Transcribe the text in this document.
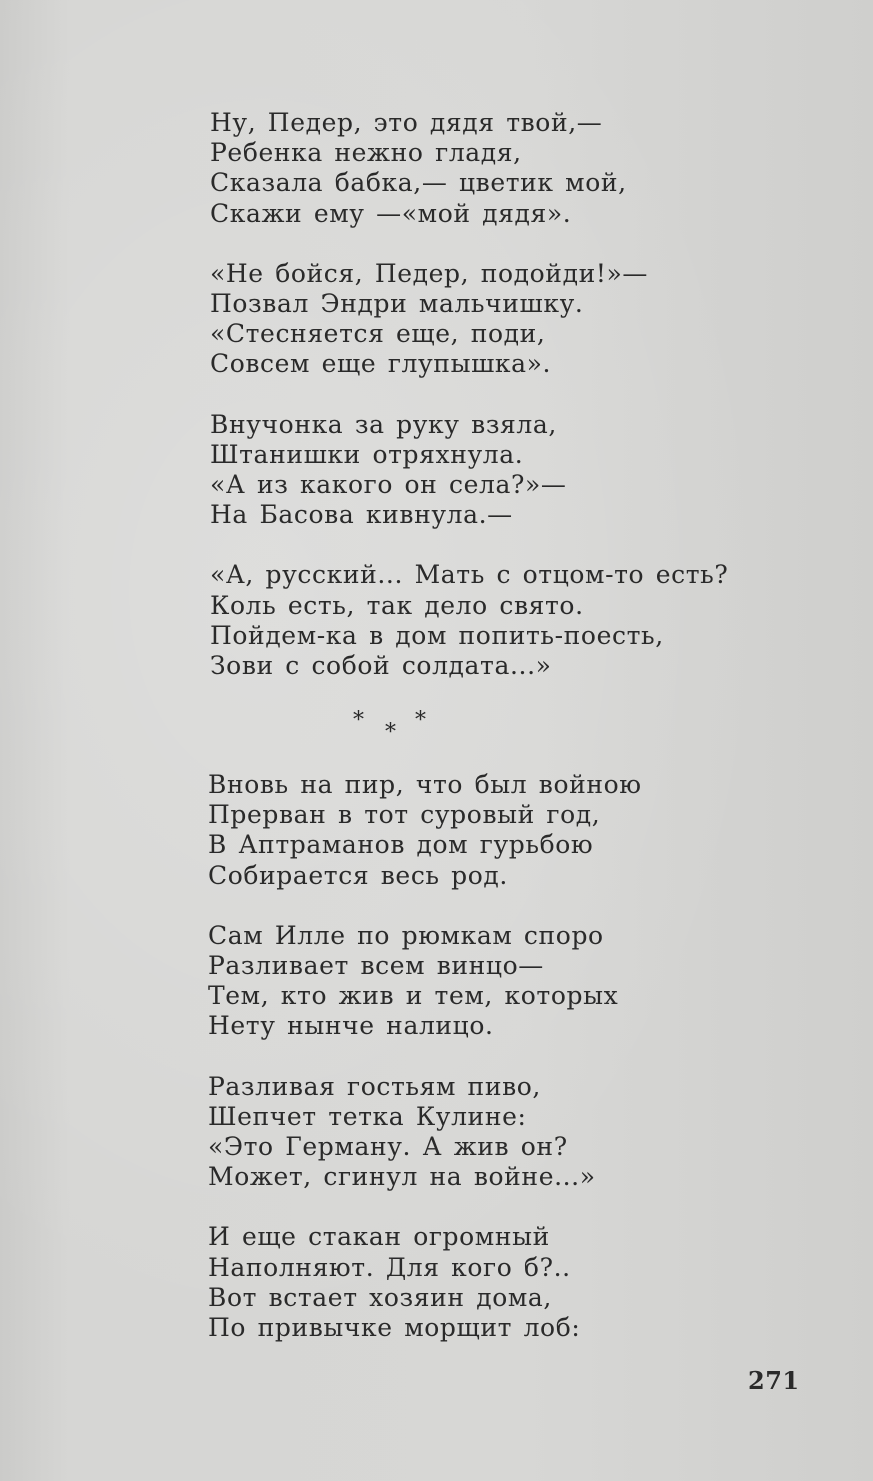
Ну, Педер, это дядя твой,—
Ребенка нежно гладя,
Сказала бабка,— цветик мой,
Скажи ему —«мой дядя».
«Не бойся, Педер, подойди!»—
Позвал Эндри мальчишку.
«Стесняется еще, поди,
Совсем еще глупышка».
Внучонка за руку взяла,
Штанишки отряхнула.
«А из какого он села?»—
На Басова кивнула.—
«А, русский... Мать с отцом-то есть?
Коль есть, так дело свято.
Пойдем-ка в дом попить-поесть,
Зови с собой солдата...»
* * *
Вновь на пир, что был войною
Прерван в тот суровый год,
В Аптраманов дом гурьбою
Собирается весь род.
Сам Илле по рюмкам споро
Разливает всем винцо—
Тем, кто жив и тем, которых
Нету нынче налицо.
Разливая гостьям пиво,
Шепчет тетка Кулине:
«Это Герману. А жив он?
Может, сгинул на войне...»
И еще стакан огромный
Наполняют. Для кого б?..
Вот встает хозяин дома,
По привычке морщит лоб:
271
